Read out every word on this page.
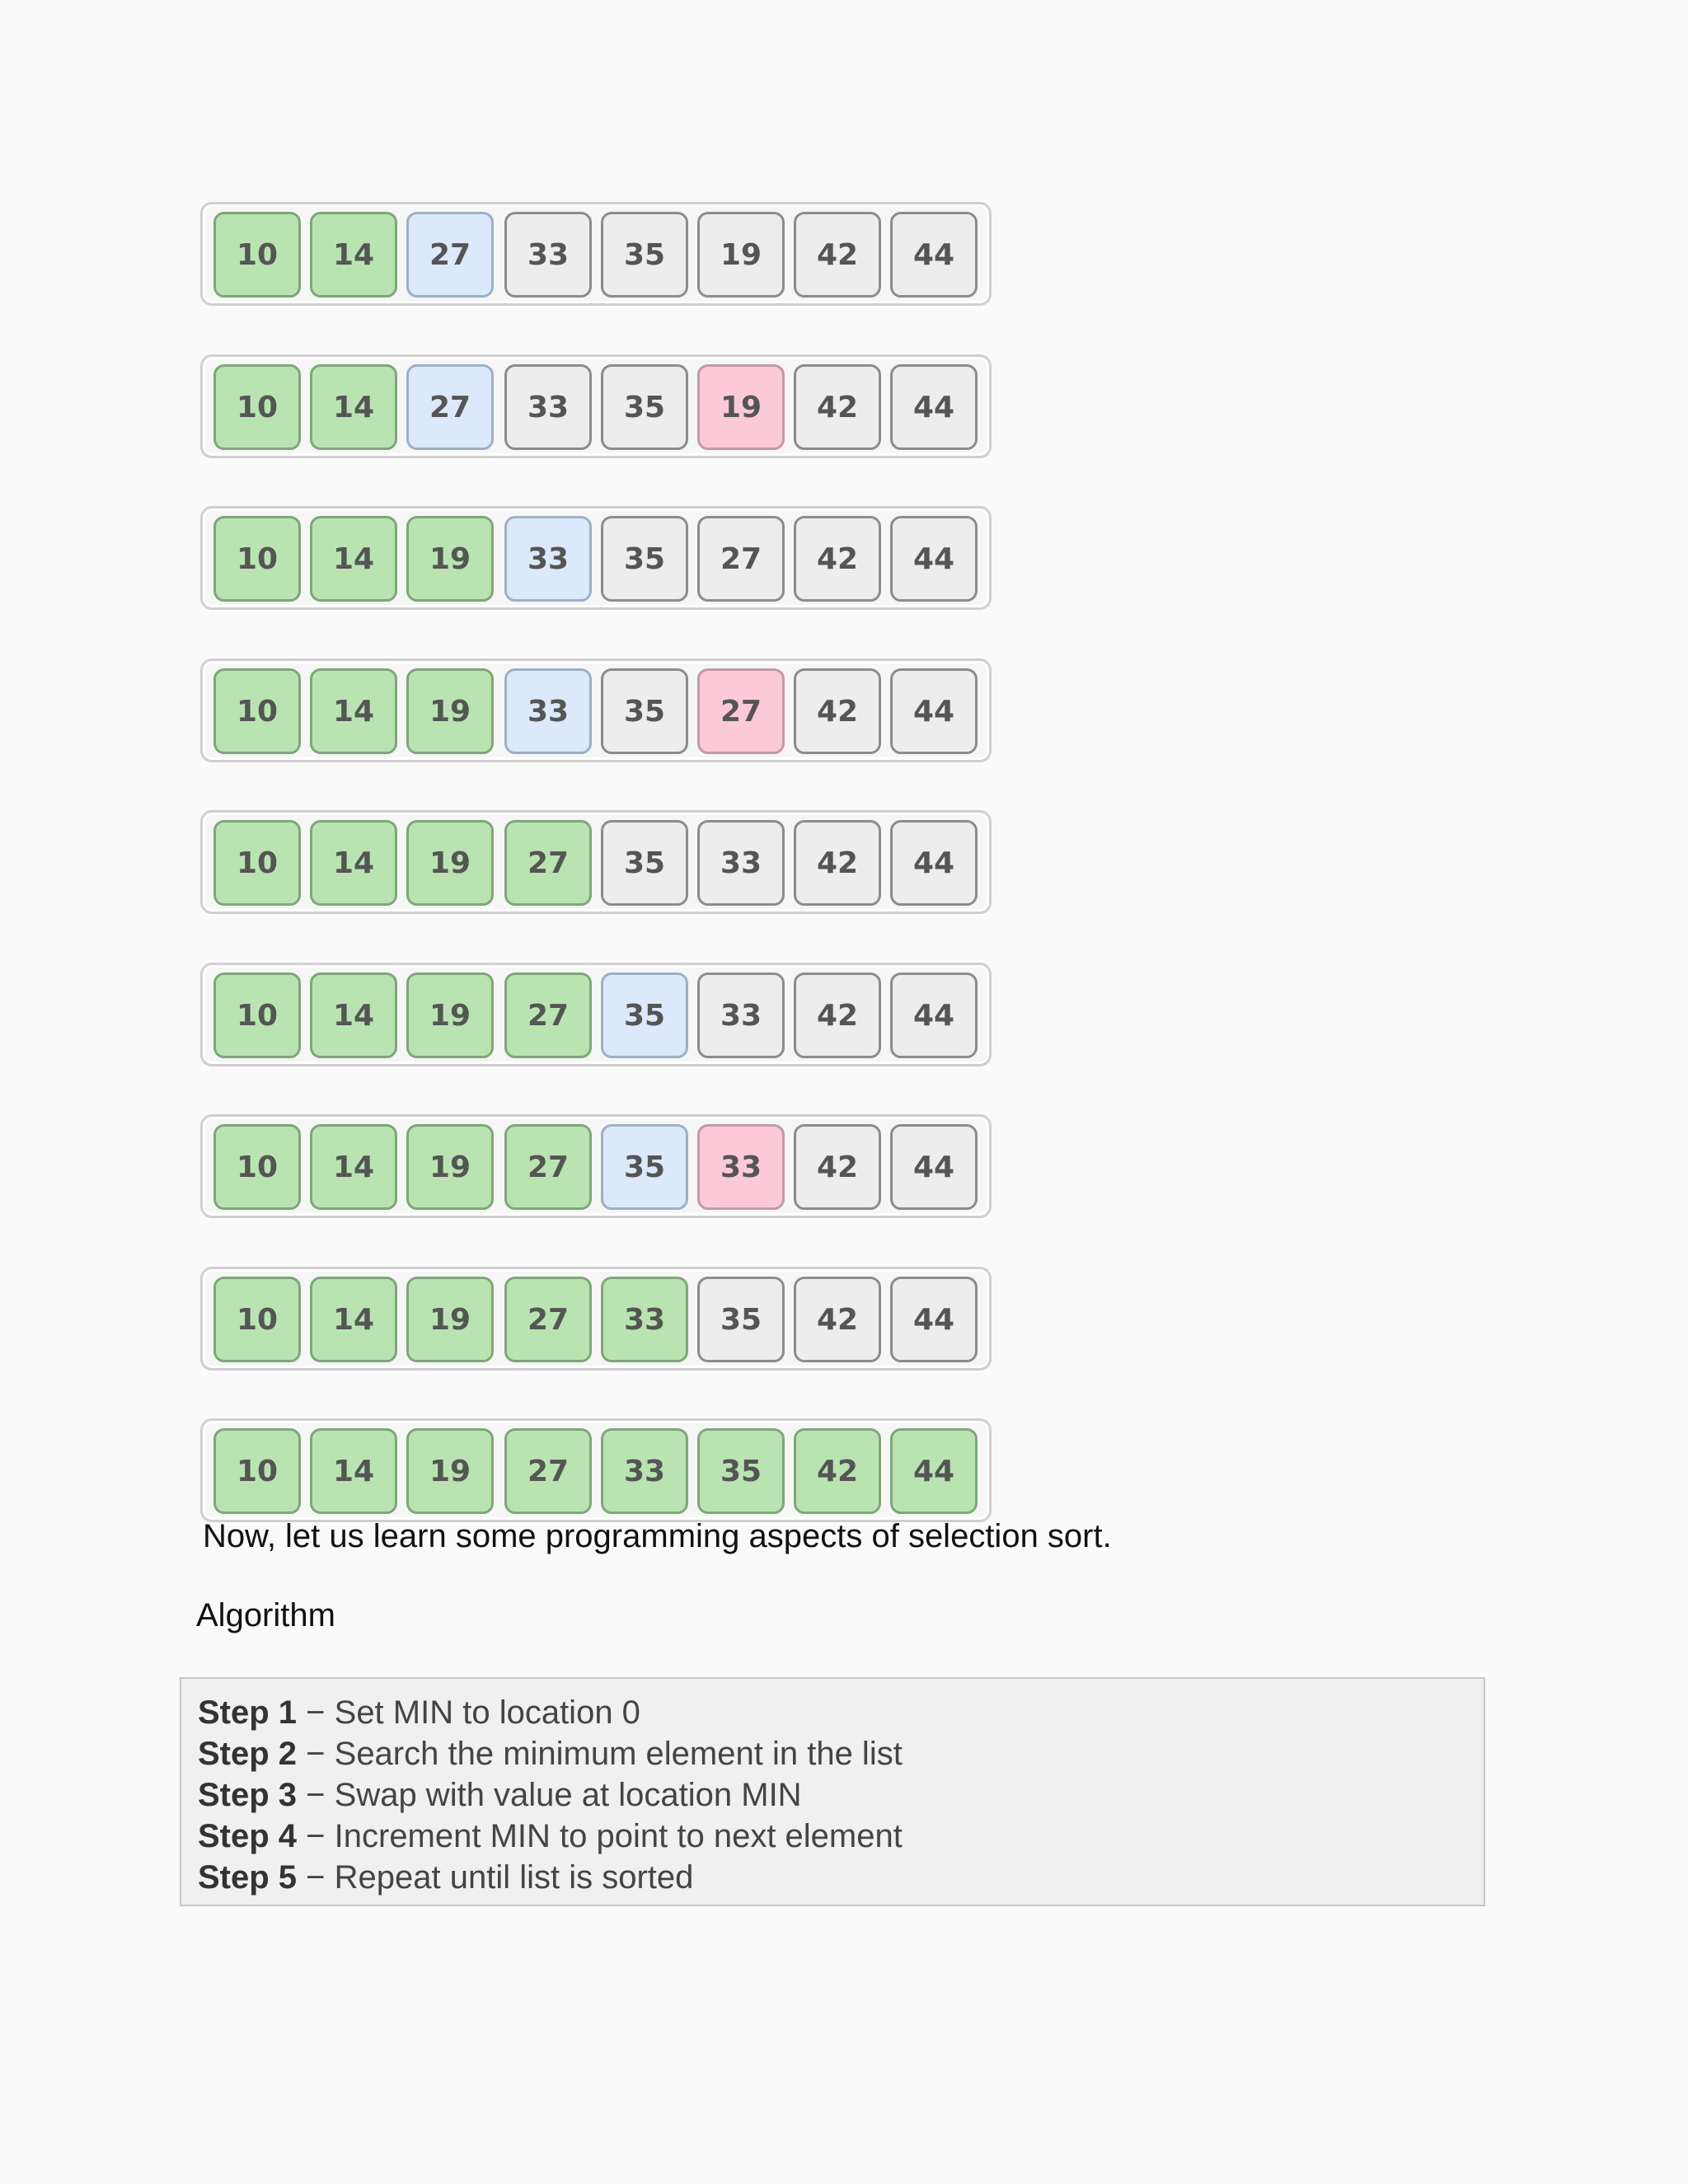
10	14	27	33	35	19	42	44
10	14	27	33	35	19	42	44
10	14	19	33	35	27	42	44
10	14	19	33	35	27	42	44
10	14	19	27	35	33	42	44
10	14	19	27	35	33	42	44
10	14	19	27	35	33	42	44
10	14	19	27	33	35	42	44
10	14	19	27	33	35	42	44

Now, let us learn some programming aspects of selection sort.

Algorithm

Step 1 − Set MIN to location 0
Step 2 − Search the minimum element in the list
Step 3 − Swap with value at location MIN
Step 4 − Increment MIN to point to next element
Step 5 − Repeat until list is sorted
